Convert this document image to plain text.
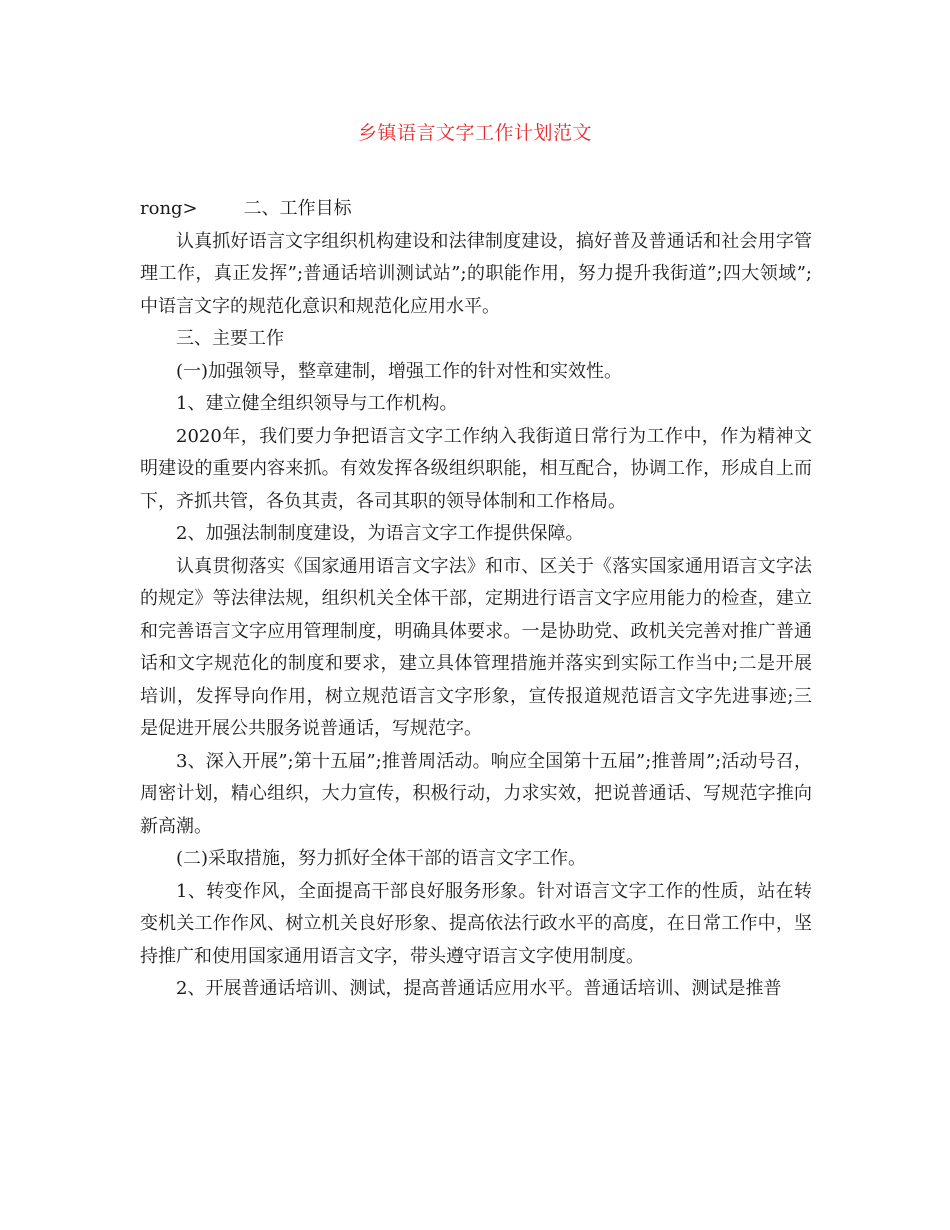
乡镇语言文字工作计划范文

rong>	二、工作目标

认真抓好语言文字组织机构建设和法律制度建设，搞好普及普通话和社会用字管理工作，真正发挥”;普通话培训测试站”;的职能作用，努力提升我街道”;四大领域”;中语言文字的规范化意识和规范化应用水平。

三、主要工作

(一)加强领导，整章建制，增强工作的针对性和实效性。

1、建立健全组织领导与工作机构。

2020年，我们要力争把语言文字工作纳入我街道日常行为工作中，作为精神文明建设的重要内容来抓。有效发挥各级组织职能，相互配合，协调工作，形成自上而下，齐抓共管，各负其责，各司其职的领导体制和工作格局。

2、加强法制制度建设，为语言文字工作提供保障。

认真贯彻落实《国家通用语言文字法》和市、区关于《落实国家通用语言文字法的规定》等法律法规，组织机关全体干部，定期进行语言文字应用能力的检查，建立和完善语言文字应用管理制度，明确具体要求。一是协助党、政机关完善对推广普通话和文字规范化的制度和要求，建立具体管理措施并落实到实际工作当中;二是开展培训，发挥导向作用，树立规范语言文字形象，宣传报道规范语言文字先进事迹;三是促进开展公共服务说普通话，写规范字。

3、深入开展”;第十五届”;推普周活动。响应全国第十五届”;推普周”;活动号召，周密计划，精心组织，大力宣传，积极行动，力求实效，把说普通话、写规范字推向新高潮。

(二)采取措施，努力抓好全体干部的语言文字工作。

1、转变作风，全面提高干部良好服务形象。针对语言文字工作的性质，站在转变机关工作作风、树立机关良好形象、提高依法行政水平的高度，在日常工作中，坚持推广和使用国家通用语言文字，带头遵守语言文字使用制度。

2、开展普通话培训、测试，提高普通话应用水平。普通话培训、测试是推普
